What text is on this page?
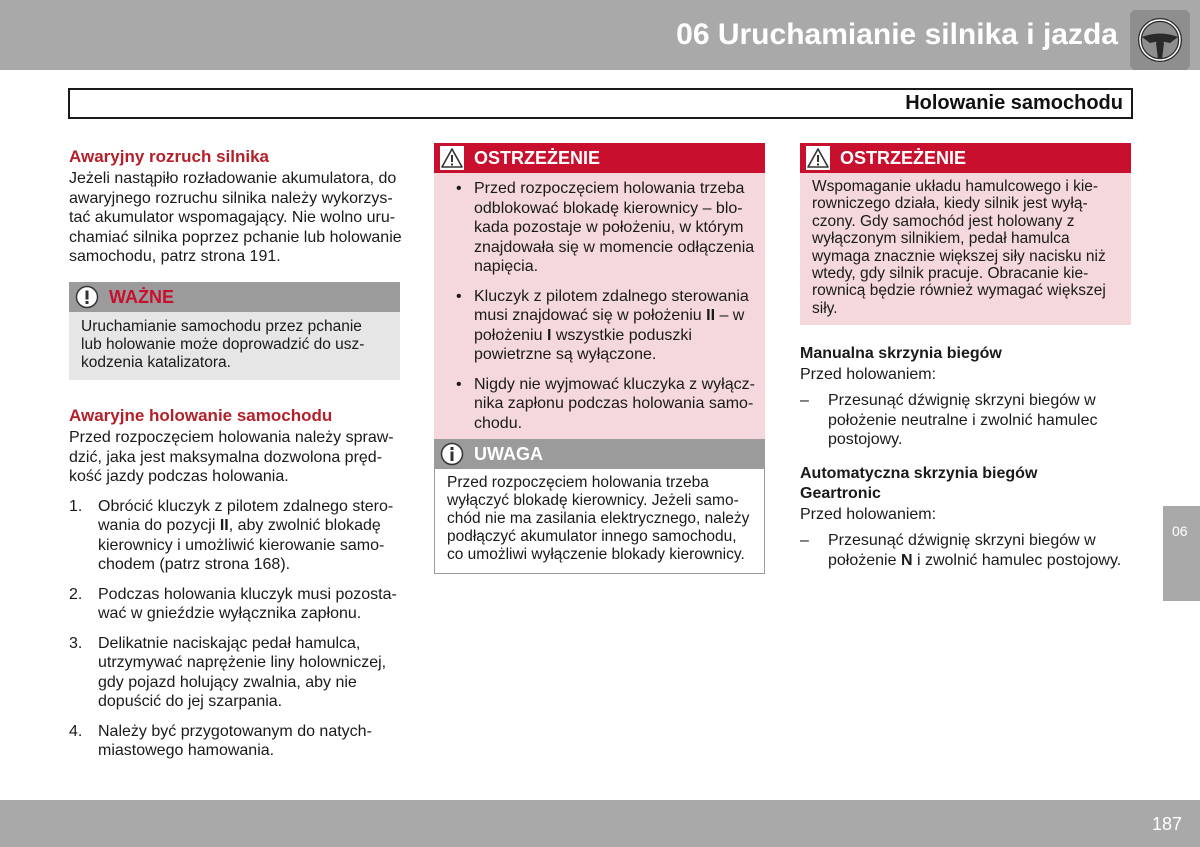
06 Uruchamianie silnika i jazda
Holowanie samochodu
Awaryjny rozruch silnika

Jeżeli nastąpiło rozładowanie akumulatora, do
awaryjnego rozruchu silnika należy wykorzys-
tać akumulator wspomagający. Nie wolno uru-
chamiać silnika poprzez pchanie lub holowanie
samochodu, patrz strona 191.

WAŻNE
Uruchamianie samochodu przez pchanie
lub holowanie może doprowadzić do usz-
kodzenia katalizatora.
Awaryjne holowanie samochodu

Przed rozpoczęciem holowania należy spraw-
dzić, jaka jest maksymalna dozwolona pręd-
kość jazdy podczas holowania.

1. Obrócić kluczyk z pilotem zdalnego stero-
wania do pozycji II, aby zwolnić blokadę
kierownicy i umożliwić kierowanie samo-
chodem (patrz strona 168).
2. Podczas holowania kluczyk musi pozosta-
wać w gnieździe wyłącznika zapłonu.
3. Delikatnie naciskając pedał hamulca,
utrzymywać naprężenie liny holowniczej,
gdy pojazd holujący zwalnia, aby nie
dopuścić do jej szarpania.
4. Należy być przygotowanym do natych-
miastowego hamowania.
OSTRZEŻENIE
• Przed rozpoczęciem holowania trzeba
odblokować blokadę kierownicy – blo-
kada pozostaje w położeniu, w którym
znajdowała się w momencie odłączenia
napięcia.
• Kluczyk z pilotem zdalnego sterowania
musi znajdować się w położeniu II – w
położeniu I wszystkie poduszki
powietrzne są wyłączone.
• Nigdy nie wyjmować kluczyka z wyłącz-
nika zapłonu podczas holowania samo-
chodu.
UWAGA
Przed rozpoczęciem holowania trzeba
wyłączyć blokadę kierownicy. Jeżeli samo-
chód nie ma zasilania elektrycznego, należy
podłączyć akumulator innego samochodu,
co umożliwi wyłączenie blokady kierownicy.
OSTRZEŻENIE
Wspomaganie układu hamulcowego i kie-
rowniczego działa, kiedy silnik jest wyłą-
czony. Gdy samochód jest holowany z
wyłączonym silnikiem, pedał hamulca
wymaga znacznie większej siły nacisku niż
wtedy, gdy silnik pracuje. Obracanie kie-
rownicą będzie również wymagać większej
siły.
Manualna skrzynia biegów

Przed holowaniem:

– Przesunąć dźwignię skrzyni biegów w
położenie neutralne i zwolnić hamulec
postojowy.
Automatyczna skrzynia biegów
Geartronic

Przed holowaniem:

– Przesunąć dźwignię skrzyni biegów w
położenie N i zwolnić hamulec postojowy.
06
187
